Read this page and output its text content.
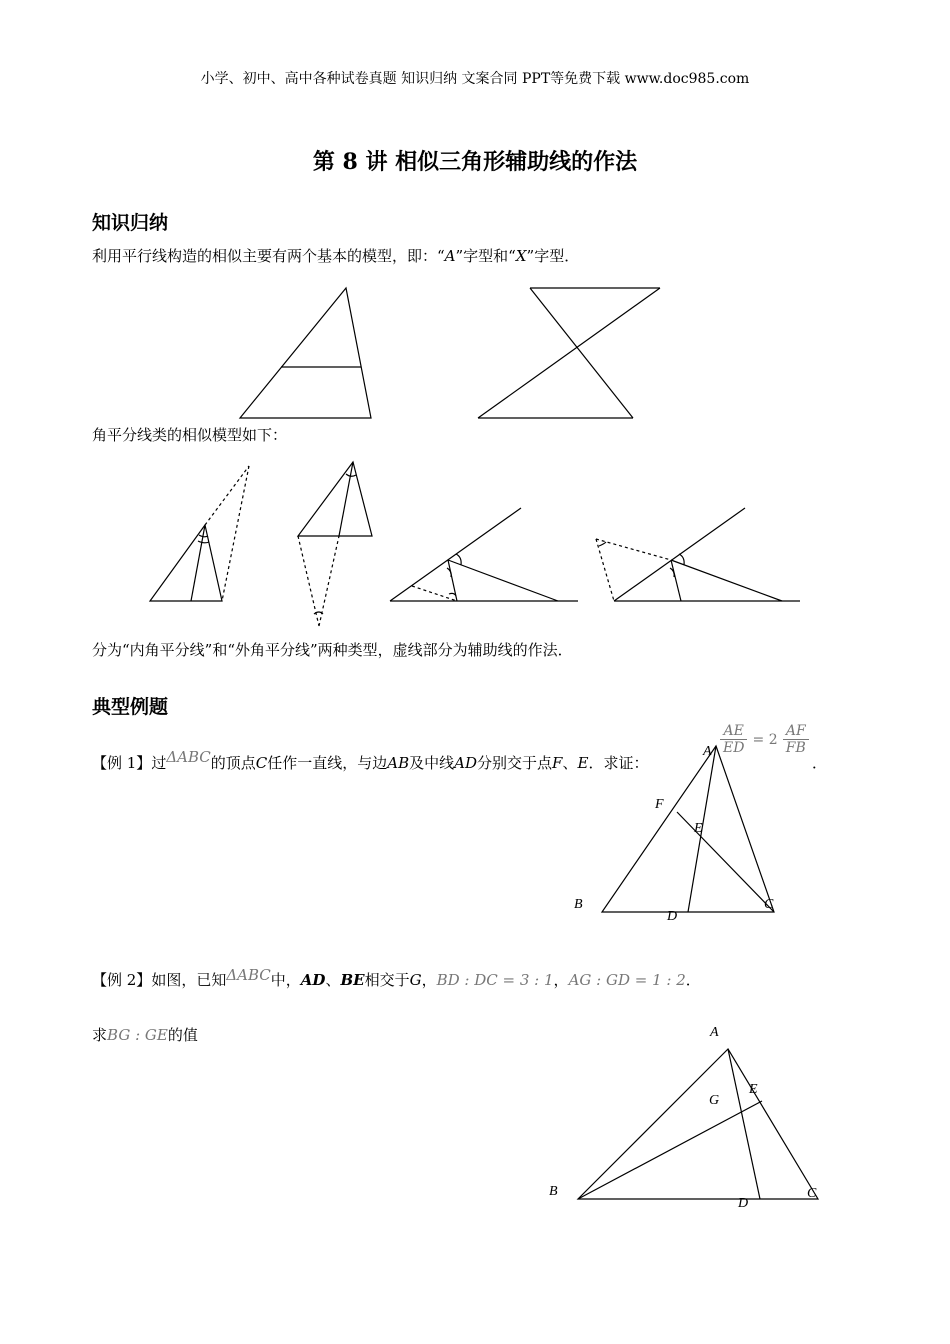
小学、初中、高中各种试卷真题 知识归纳 文案合同 PPT等免费下载 www.doc985.com
第 8 讲 相似三角形辅助线的作法
知识归纳
利用平行线构造的相似主要有两个基本的模型，即：“A”字型和“X”字型．
A
F
E
B
D
C
A
G
E
B
D
C
角平分线类的相似模型如下：
分为“内角平分线”和“外角平分线”两种类型，虚线部分为辅助线的作法．
典型例题
【例 1】过ΔABC的顶点C任作一直线，与边AB及中线AD分别交于点F、E．求证：
$\frac{AE}{ED} = 2 \frac{AF}{FB}$
．
【例 2】如图，已知ΔABC中，AD、BE相交于G，BD : DC = 3 : 1，AG : GD = 1 : 2．
求BG : GE的值
